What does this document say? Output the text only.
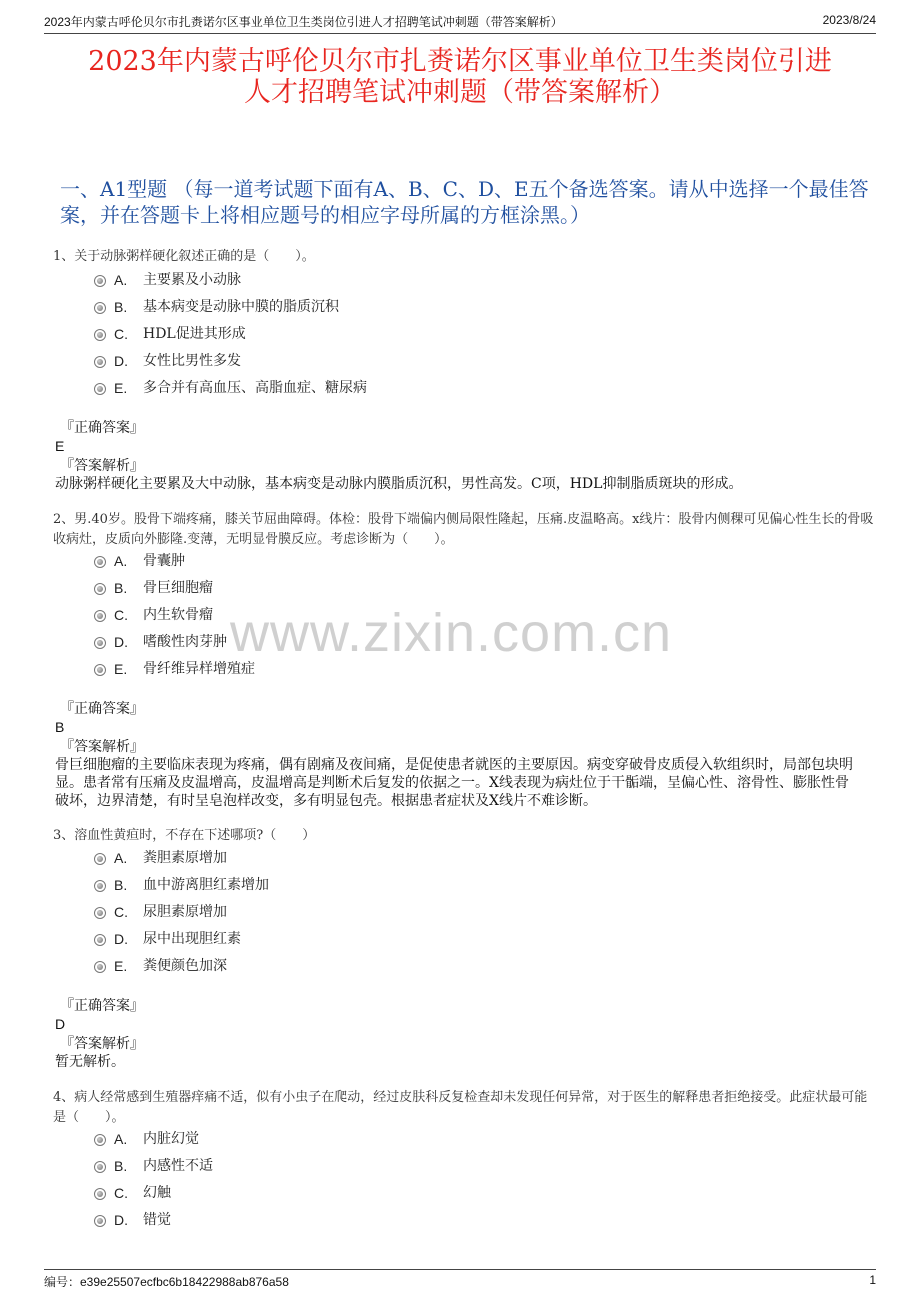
2023年内蒙古呼伦贝尔市扎赉诺尔区事业单位卫生类岗位引进人才招聘笔试冲刺题（带答案解析）	2023/8/24
2023年内蒙古呼伦贝尔市扎赉诺尔区事业单位卫生类岗位引进
人才招聘笔试冲刺题（带答案解析）
一、A1型题 （每一道考试题下面有A、B、C、D、E五个备选答案。请从中选择一个最佳答案，并在答题卡上将相应题号的相应字母所属的方框涂黑。）
www.zixin.com.cn
1、关于动脉粥样硬化叙述正确的是（　　）。
A. 主要累及小动脉
B. 基本病变是动脉中膜的脂质沉积
C. HDL促进其形成
D. 女性比男性多发
E. 多合并有高血压、高脂血症、糖尿病
『正确答案』
E
『答案解析』
动脉粥样硬化主要累及大中动脉，基本病变是动脉内膜脂质沉积，男性高发。C项，HDL抑制脂质斑块的形成。
2、男.40岁。股骨下端疼痛，膝关节屈曲障碍。体检：股骨下端偏内侧局限性隆起，压痛.皮温略高。x线片：股骨内侧稞可见偏心性生长的骨吸收病灶，皮质向外膨隆.变薄，无明显骨膜反应。考虑诊断为（　　）。
A. 骨囊肿
B. 骨巨细胞瘤
C. 内生软骨瘤
D. 嗜酸性肉芽肿
E. 骨纤维异样增殖症
『正确答案』
B
『答案解析』
骨巨细胞瘤的主要临床表现为疼痛，偶有剧痛及夜间痛，是促使患者就医的主要原因。病变穿破骨皮质侵入软组织时，局部包块明显。患者常有压痛及皮温增高，皮温增高是判断术后复发的依据之一。X线表现为病灶位于干骺端，呈偏心性、溶骨性、膨胀性骨破坏，边界清楚，有时呈皂泡样改变，多有明显包壳。根据患者症状及X线片不难诊断。
3、溶血性黄疸时，不存在下述哪项?（　　）
A. 粪胆素原增加
B. 血中游离胆红素增加
C. 尿胆素原增加
D. 尿中出现胆红素
E. 粪便颜色加深
『正确答案』
D
『答案解析』
暂无解析。
4、病人经常感到生殖器痒痛不适，似有小虫子在爬动，经过皮肤科反复检查却未发现任何异常，对于医生的解释患者拒绝接受。此症状最可能是（　　）。
A. 内脏幻觉
B. 内感性不适
C. 幻触
D. 错觉
编号：e39e25507ecfbc6b18422988ab876a58	1
